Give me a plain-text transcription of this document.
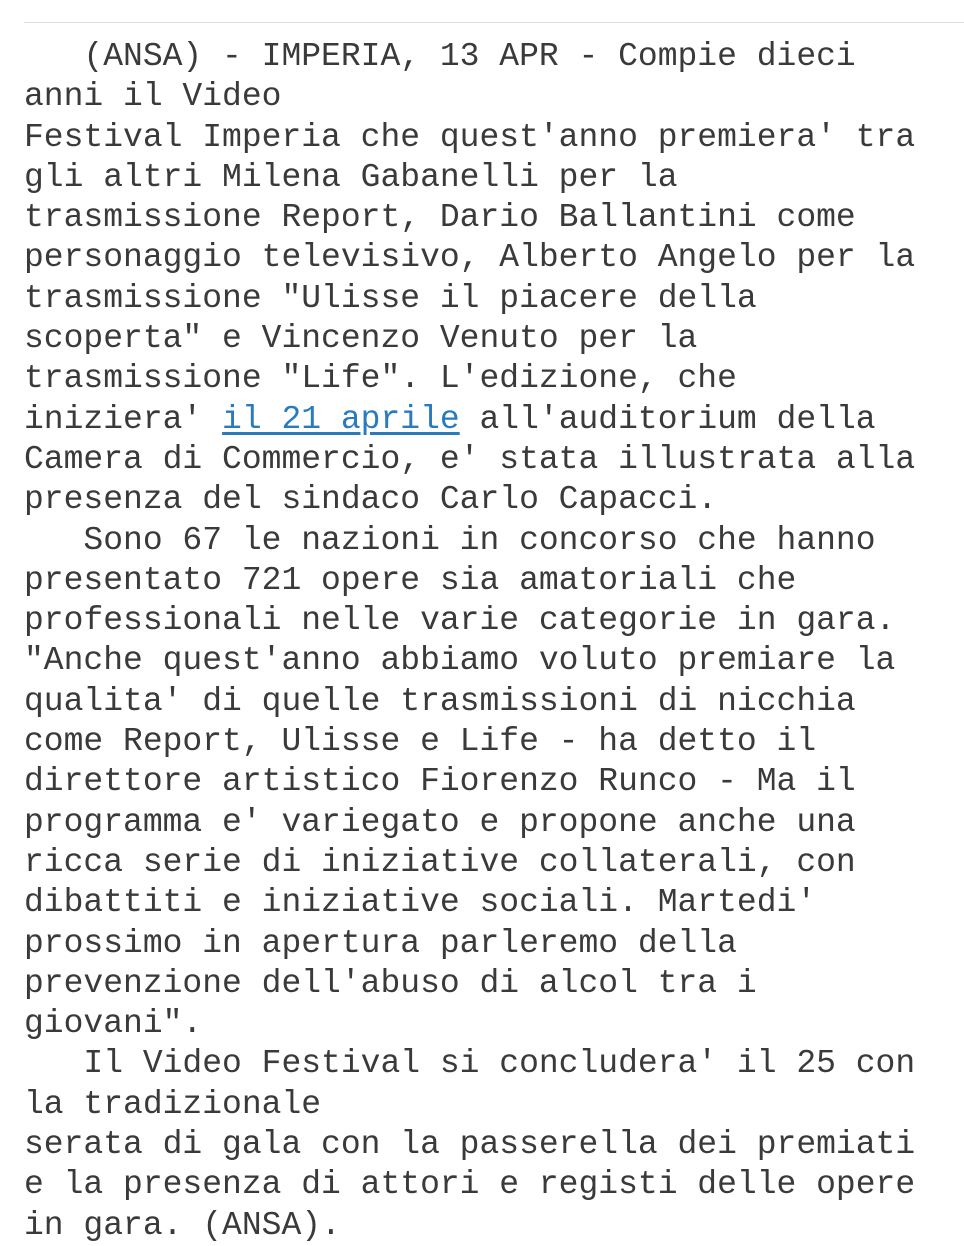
(ANSA) - IMPERIA, 13 APR - Compie dieci
anni il Video
Festival Imperia che quest'anno premiera' tra
gli altri Milena Gabanelli per la
trasmissione Report, Dario Ballantini come
personaggio televisivo, Alberto Angelo per la
trasmissione "Ulisse il piacere della
scoperta" e Vincenzo Venuto per la
trasmissione "Life". L'edizione, che
iniziera' il 21 aprile all'auditorium della
Camera di Commercio, e' stata illustrata alla
presenza del sindaco Carlo Capacci.
Sono 67 le nazioni in concorso che hanno
presentato 721 opere sia amatoriali che
professionali nelle varie categorie in gara.
"Anche quest'anno abbiamo voluto premiare la
qualita' di quelle trasmissioni di nicchia
come Report, Ulisse e Life - ha detto il
direttore artistico Fiorenzo Runco - Ma il
programma e' variegato e propone anche una
ricca serie di iniziative collaterali, con
dibattiti e iniziative sociali. Martedi'
prossimo in apertura parleremo della
prevenzione dell'abuso di alcol tra i
giovani".
Il Video Festival si concludera' il 25 con
la tradizionale
serata di gala con la passerella dei premiati
e la presenza di attori e registi delle opere
in gara. (ANSA).
